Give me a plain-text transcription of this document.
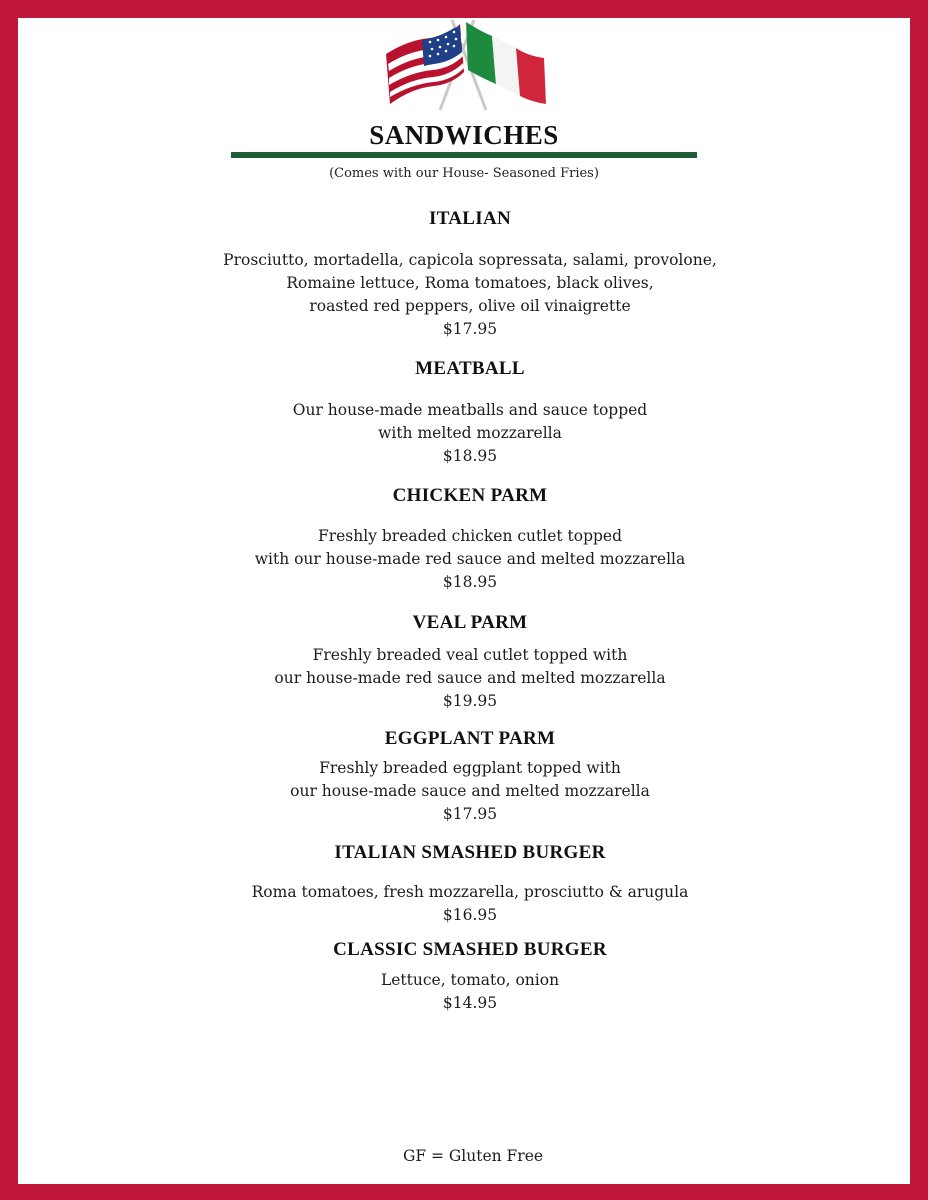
SANDWICHES
(Comes with our House- Seasoned Fries)
ITALIAN
Prosciutto, mortadella, capicola sopressata, salami, provolone,
Romaine lettuce, Roma tomatoes, black olives,
roasted red peppers, olive oil vinaigrette
$17.95
MEATBALL
Our house-made meatballs and sauce topped
with melted mozzarella
$18.95
CHICKEN PARM
Freshly breaded chicken cutlet topped
with our house-made red sauce and melted mozzarella
$18.95
VEAL PARM
Freshly breaded veal cutlet topped with
our house-made red sauce and melted mozzarella
$19.95
EGGPLANT PARM
Freshly breaded eggplant topped with
our house-made sauce and melted mozzarella
$17.95
ITALIAN SMASHED BURGER
Roma tomatoes, fresh mozzarella, prosciutto & arugula
$16.95
CLASSIC SMASHED BURGER
Lettuce, tomato, onion
$14.95
GF = Gluten Free
